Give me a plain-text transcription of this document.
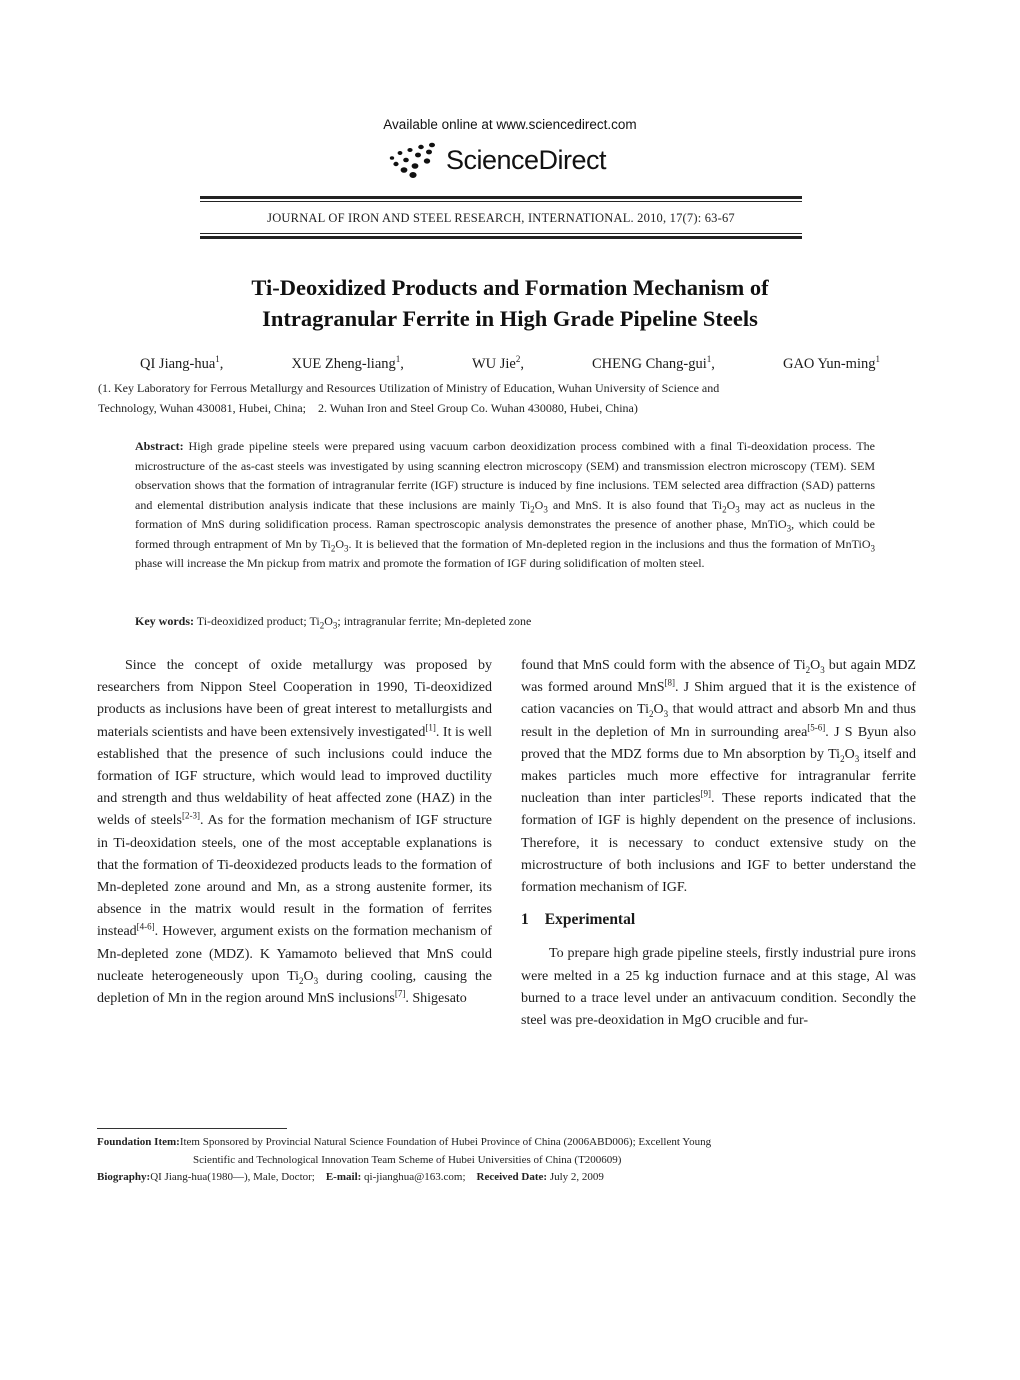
Available online at www.sciencedirect.com
ScienceDirect
JOURNAL OF IRON AND STEEL RESEARCH, INTERNATIONAL. 2010, 17(7): 63-67
Ti-Deoxidized Products and Formation Mechanism of
Intragranular Ferrite in High Grade Pipeline Steels
QI Jiang-hua$^1$,	XUE Zheng-liang$^1$,	WU Jie$^2$,	CHENG Chang-gui$^1$,	GAO Yun-ming$^1$
(1. Key Laboratory for Ferrous Metallurgy and Resources Utilization of Ministry of Education, Wuhan University of Science and
Technology, Wuhan 430081, Hubei, China;    2. Wuhan Iron and Steel Group Co. Wuhan 430080, Hubei, China)
Abstract: High grade pipeline steels were prepared using vacuum carbon deoxidization process combined with a final Ti-deoxidation process. The microstructure of the as-cast steels was investigated by using scanning electron microscopy (SEM) and transmission electron microscopy (TEM). SEM observation shows that the formation of intragranular ferrite (IGF) structure is induced by fine inclusions. TEM selected area diffraction (SAD) patterns and elemental distribution analysis indicate that these inclusions are mainly $Ti_2O_3$ and MnS. It is also found that $Ti_2O_3$ may act as nucleus in the formation of MnS during solidification process. Raman spectroscopic analysis demonstrates the presence of another phase, MnTiO$_3$, which could be formed through entrapment of Mn by $Ti_2O_3$. It is believed that the formation of Mn-depleted region in the inclusions and thus the formation of MnTiO$_3$ phase will increase the Mn pickup from matrix and promote the formation of IGF during solidification of molten steel.
Key words: Ti-deoxidized product; $Ti_2O_3$; intragranular ferrite; Mn-depleted zone

Since the concept of oxide metallurgy was proposed by researchers from Nippon Steel Cooperation in 1990, Ti-deoxidized products as inclusions have been of great interest to metallurgists and materials scientists and have been extensively investigated[1]. It is well established that the presence of such inclusions could induce the formation of IGF structure, which would lead to improved ductility and strength and thus weldability of heat affected zone (HAZ) in the welds of steels[2-3]. As for the formation mechanism of IGF structure in Ti-deoxidation steels, one of the most acceptable explanations is that the formation of Ti-deoxidezed products leads to the formation of Mn-depleted zone around and Mn, as a strong austenite former, its absence in the matrix would result in the formation of ferrites instead[4-6]. However, argument exists on the formation mechanism of Mn-depleted zone (MDZ). K Yamamoto believed that MnS could nucleate heterogeneously upon $Ti_2O_3$ during cooling, causing the depletion of Mn in the region around MnS inclusions[7]. Shigesato

found that MnS could form with the absence of $Ti_2O_3$ but again MDZ was formed around MnS[8]. J Shim argued that it is the existence of cation vacancies on $Ti_2O_3$ that would attract and absorb Mn and thus result in the depletion of Mn in surrounding area[5-6]. J S Byun also proved that the MDZ forms due to Mn absorption by $Ti_2O_3$ itself and makes particles much more effective for intragranular ferrite nucleation than inter particles[9]. These reports indicated that the formation of IGF is highly dependent on the presence of inclusions. Therefore, it is necessary to conduct extensive study on the microstructure of both inclusions and IGF to better understand the formation mechanism of IGF.

1 Experimental

To prepare high grade pipeline steels, firstly industrial pure irons were melted in a 25 kg induction furnace and at this stage, Al was burned to a trace level under an antivacuum condition. Secondly the steel was pre-deoxidation in MgO crucible and fur-

Foundation Item:Item Sponsored by Provincial Natural Science Foundation of Hubei Province of China (2006ABD006); Excellent Young
Scientific and Technological Innovation Team Scheme of Hubei Universities of China (T200609)
Biography:QI Jiang-hua(1980—), Male, Doctor; E-mail: qi-jianghua@163.com; Received Date: July 2, 2009
